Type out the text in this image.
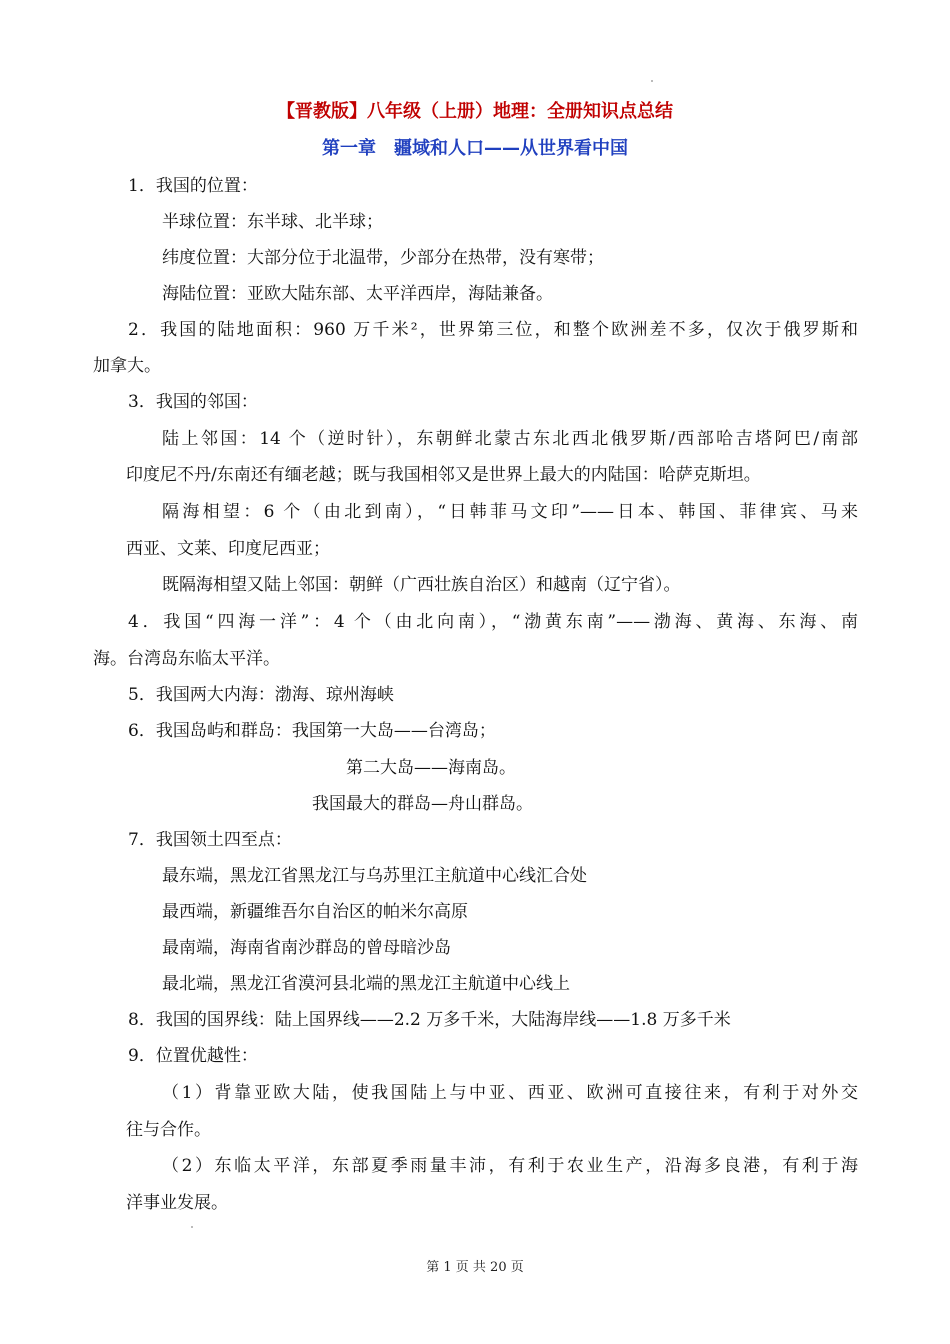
【晋教版】八年级（上册）地理：全册知识点总结
第一章　疆域和人口——从世界看中国
1．我国的位置：
半球位置：东半球、北半球；
纬度位置：大部分位于北温带，少部分在热带，没有寒带；
海陆位置：亚欧大陆东部、太平洋西岸，海陆兼备。
2．我国的陆地面积：960 万千米²，世界第三位，和整个欧洲差不多，仅次于俄罗斯和
加拿大。
3．我国的邻国：
陆上邻国：14 个（逆时针），东朝鲜北蒙古东北西北俄罗斯/西部哈吉塔阿巴/南部
印度尼不丹/东南还有缅老越；既与我国相邻又是世界上最大的内陆国：哈萨克斯坦。
隔海相望：6 个（由北到南），“日韩菲马文印”——日本、韩国、菲律宾、马来
西亚、文莱、印度尼西亚；
既隔海相望又陆上邻国：朝鲜（广西壮族自治区）和越南（辽宁省）。
4．我国“四海一洋”：4 个（由北向南），“渤黄东南”——渤海、黄海、东海、南
海。台湾岛东临太平洋。
5．我国两大内海：渤海、琼州海峡
6．我国岛屿和群岛：我国第一大岛——台湾岛；
第二大岛——海南岛。
我国最大的群岛—舟山群岛。
7．我国领土四至点：
最东端，黑龙江省黑龙江与乌苏里江主航道中心线汇合处
最西端，新疆维吾尔自治区的帕米尔高原
最南端，海南省南沙群岛的曾母暗沙岛
最北端，黑龙江省漠河县北端的黑龙江主航道中心线上
8．我国的国界线：陆上国界线——2.2 万多千米，大陆海岸线——1.8 万多千米
9．位置优越性：
（1）背靠亚欧大陆，使我国陆上与中亚、西亚、欧洲可直接往来，有利于对外交
往与合作。
（2）东临太平洋，东部夏季雨量丰沛，有利于农业生产，沿海多良港，有利于海
洋事业发展。
第 1 页 共 20 页
